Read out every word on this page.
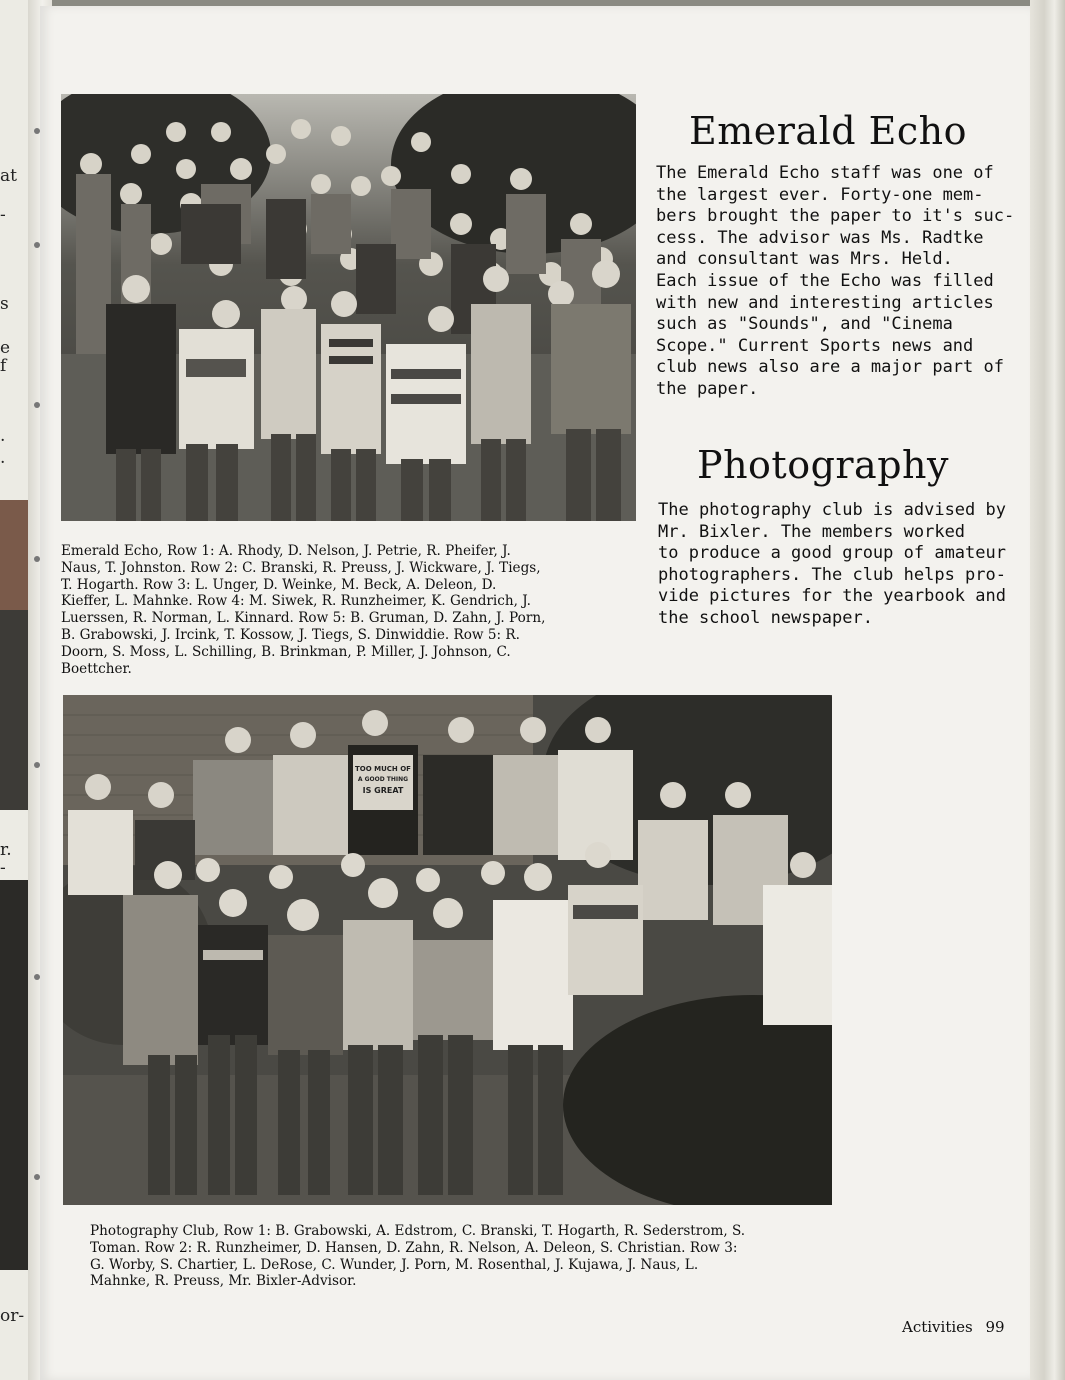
at
-
s
e
f
.
.
r.
-
or-
Emerald Echo
The Emerald Echo staff was one of
the largest ever. Forty-one mem-
bers brought the paper to it's suc-
cess. The advisor was Ms. Radtke
and consultant was Mrs. Held.
Each issue of the Echo was filled
with new and interesting articles
such as "Sounds", and "Cinema
Scope." Current Sports news and
club news also are a major part of
the paper.
Emerald Echo, Row 1: A. Rhody, D. Nelson, J. Petrie, R. Pheifer, J.
Naus, T. Johnston. Row 2: C. Branski, R. Preuss, J. Wickware, J. Tiegs,
T. Hogarth. Row 3: L. Unger, D. Weinke, M. Beck, A. Deleon, D.
Kieffer, L. Mahnke. Row 4: M. Siwek, R. Runzheimer, K. Gendrich, J.
Luerssen, R. Norman, L. Kinnard. Row 5: B. Gruman, D. Zahn, J. Porn,
B. Grabowski, J. Ircink, T. Kossow, J. Tiegs, S. Dinwiddie. Row 5: R.
Doorn, S. Moss, L. Schilling, B. Brinkman, P. Miller, J. Johnson, C.
Boettcher.
Photography
The photography club is advised by
Mr. Bixler. The members worked
to produce a good group of amateur
photographers. The club helps pro-
vide pictures for the yearbook and
the school newspaper.
TOO MUCH OF
A GOOD THING
IS GREAT
Photography Club, Row 1: B. Grabowski, A. Edstrom, C. Branski, T. Hogarth, R. Sederstrom, S.
Toman. Row 2: R. Runzheimer, D. Hansen, D. Zahn, R. Nelson, A. Deleon, S. Christian. Row 3:
G. Worby, S. Chartier, L. DeRose, C. Wunder, J. Porn, M. Rosenthal, J. Kujawa, J. Naus, L.
Mahnke, R. Preuss, Mr. Bixler-Advisor.
Activities 99
